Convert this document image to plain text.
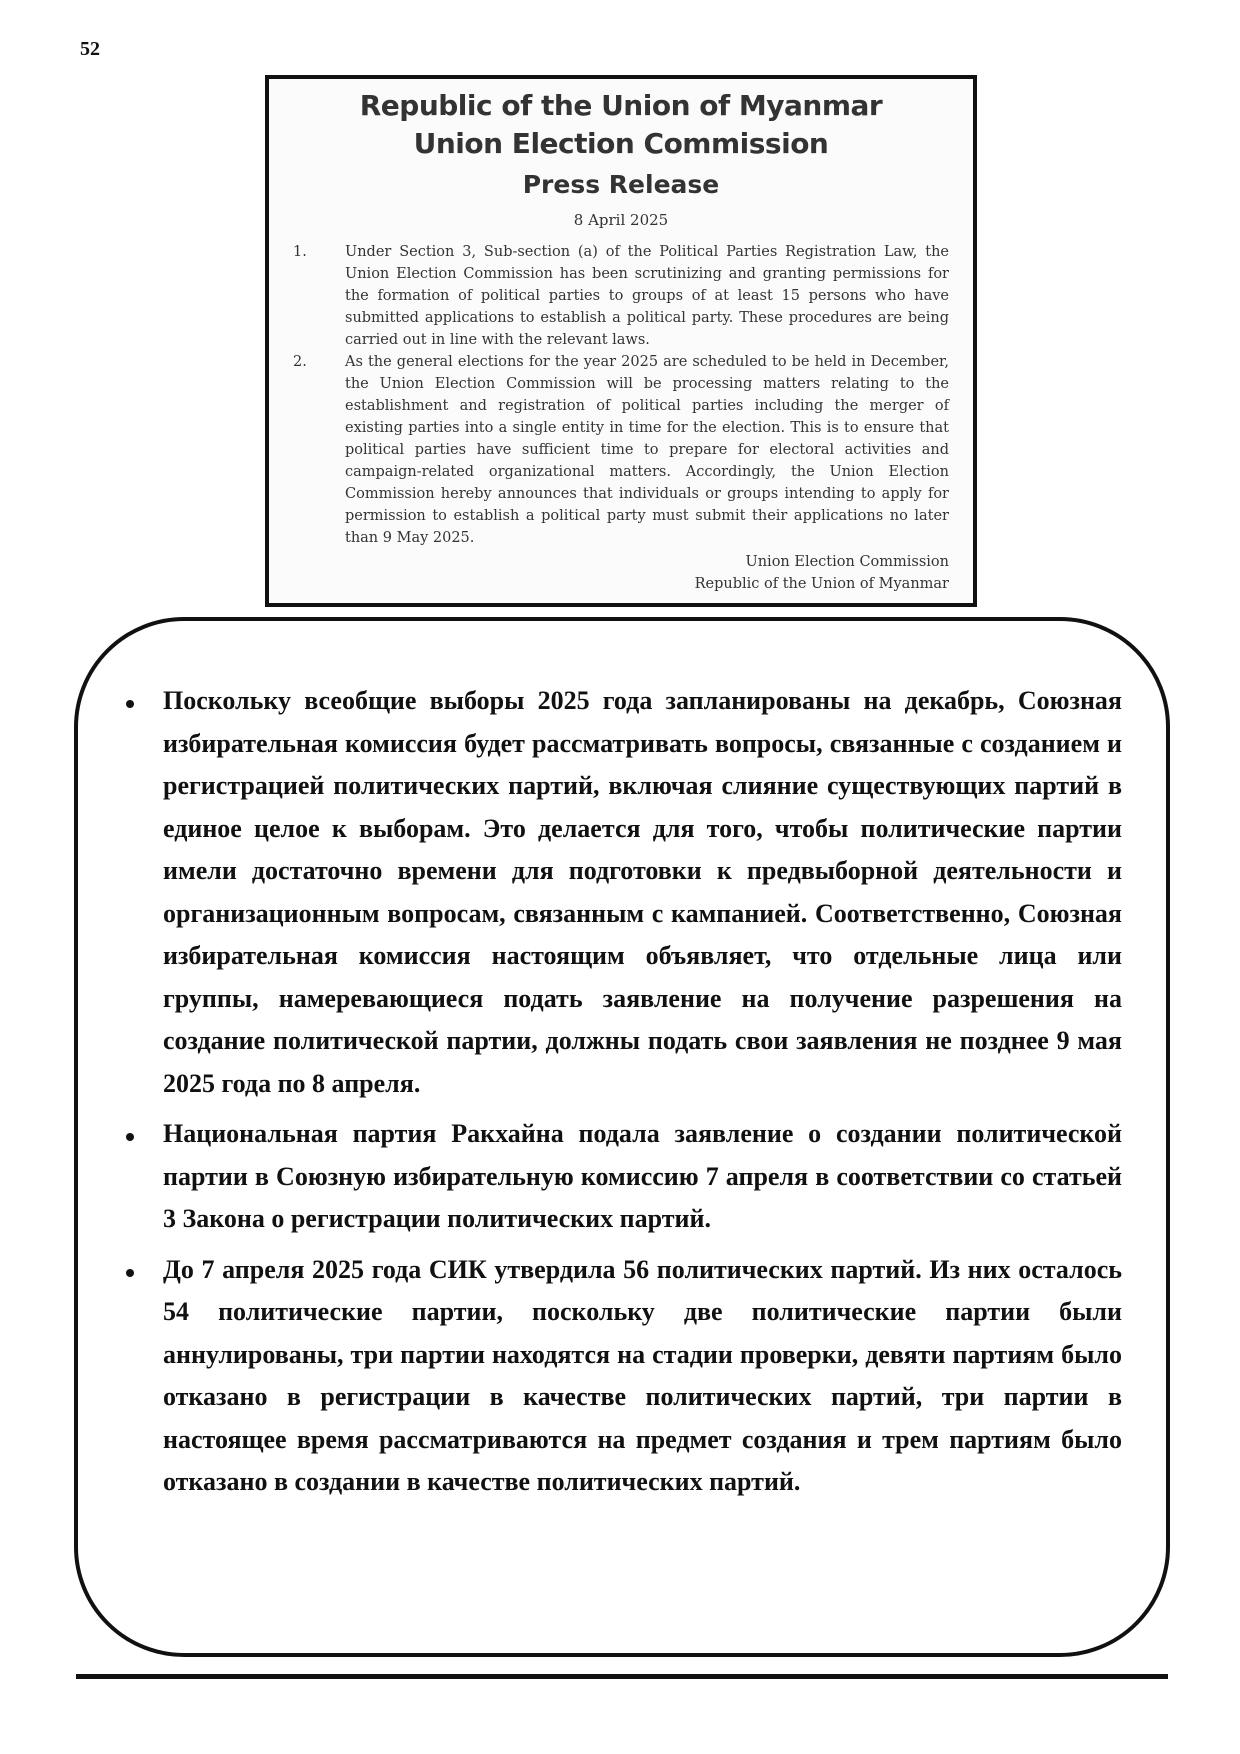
52
Republic of the Union of Myanmar
Union Election Commission
Press Release
8 April 2025
1.	Under Section 3, Sub-section (a) of the Political Parties Registration Law, the Union Election Commission has been scrutinizing and granting permissions for the formation of political parties to groups of at least 15 persons who have submitted applications to establish a political party. These procedures are being carried out in line with the relevant laws.
2.	As the general elections for the year 2025 are scheduled to be held in December, the Union Election Commission will be processing matters relating to the establishment and registration of political parties including the merger of existing parties into a single entity in time for the election. This is to ensure that political parties have sufficient time to prepare for electoral activities and campaign-related organizational matters. Accordingly, the Union Election Commission hereby announces that individuals or groups intending to apply for permission to establish a political party must submit their applications no later than 9 May 2025.
Union Election Commission
Republic of the Union of Myanmar
Поскольку всеобщие выборы 2025 года запланированы на декабрь, Союзная избирательная комиссия будет рассматривать вопросы, связанные с созданием и регистрацией политических партий, включая слияние существующих партий в единое целое к выборам. Это делается для того, чтобы политические партии имели достаточно времени для подготовки к предвыборной деятельности и организационным вопросам, связанным с кампанией. Соответственно, Союзная избирательная комиссия настоящим объявляет, что отдельные лица или группы, намеревающиеся подать заявление на получение разрешения на создание политической партии, должны подать свои заявления не позднее 9 мая 2025 года по 8 апреля.
Национальная партия Ракхайна подала заявление о создании политической партии в Союзную избирательную комиссию 7 апреля в соответствии со статьей 3 Закона о регистрации политических партий.
До 7 апреля 2025 года СИК утвердила 56 политических партий. Из них осталось 54 политические партии, поскольку две политические партии были аннулированы, три партии находятся на стадии проверки, девяти партиям было отказано в регистрации в качестве политических партий, три партии в настоящее время рассматриваются на предмет создания и трем партиям было отказано в создании в качестве политических партий.
